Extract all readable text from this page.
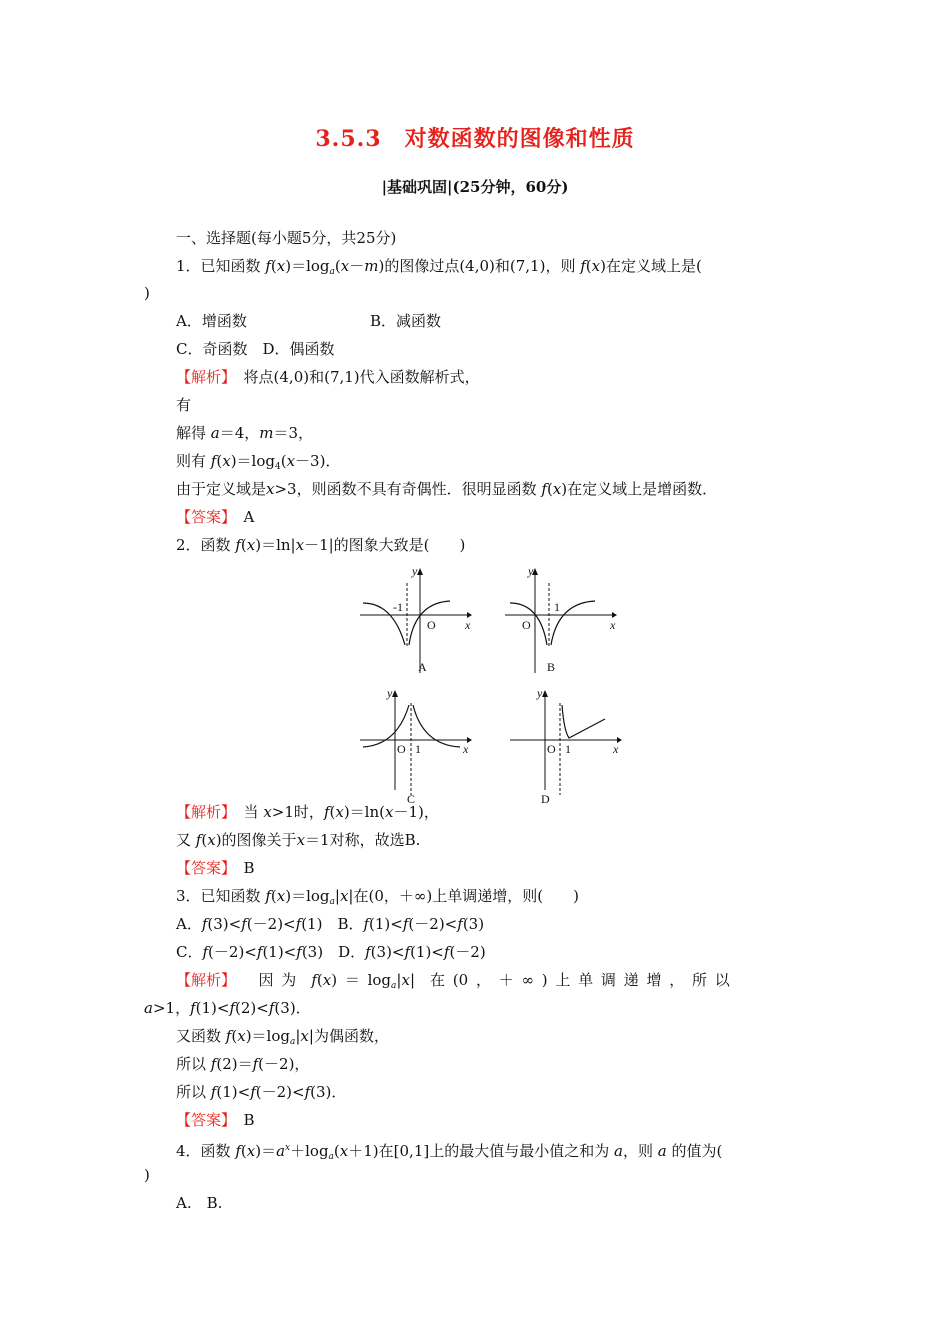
3.5.3　对数函数的图像和性质
|基础巩固|(25分钟，60分)
一、选择题(每小题5分，共25分)
1．已知函数 $f(x)=\log_a(x-m)$的图像过点(4,0)和(7,1)，则 f(x)在定义域上是(
)
A．增函数	B．减函数
C．奇函数　D．偶函数
【解析】　 将点(4,0)和(7,1)代入函数解析式，
有
解得 a＝4，m＝3，
则有 $f(x)=\log_4(x-3)$．
由于定义域是x>3，则函数不具有奇偶性．很明显函数 f(x)在定义域上是增函数．
【答案】　 A
2．函数 f(x)＝ln|x－1|的图象大致是(　　)
y
x
O
-1
A
y
x
O
1
B
y
x
O 1
C
y
x
O 1
D
【解析】　 当 x>1时，f(x)＝ln(x－1)，
又 f(x)的图像关于x＝1对称，故选B.
【答案】　 B
3．已知函数 $f(x)=\log_a|x|$在(0，＋∞)上单调递增，则(　　)
A．f(3)<f(－2)<f(1)　B．f(1)<f(－2)<f(3)
C．f(－2)<f(1)<f(3)　D．f(3)<f(1)<f(－2)
【解析】　　 因 为　 $f(x) = \log_a|x|$　在 (0 ， ＋ ∞ ) 上 单 调 递 增 ， 所 以
a>1，f(1)<f(2)<f(3)．
又函数 $f(x)=\log_a|x|$为偶函数，
所以 f(2)＝f(－2)，
所以 f(1)<f(－2)<f(3)．
【答案】　 B
4．函数 $f(x)=a^x+\log_a(x+1)$在[0,1]上的最大值与最小值之和为 a，则 a 的值为(
)
A.　B.
